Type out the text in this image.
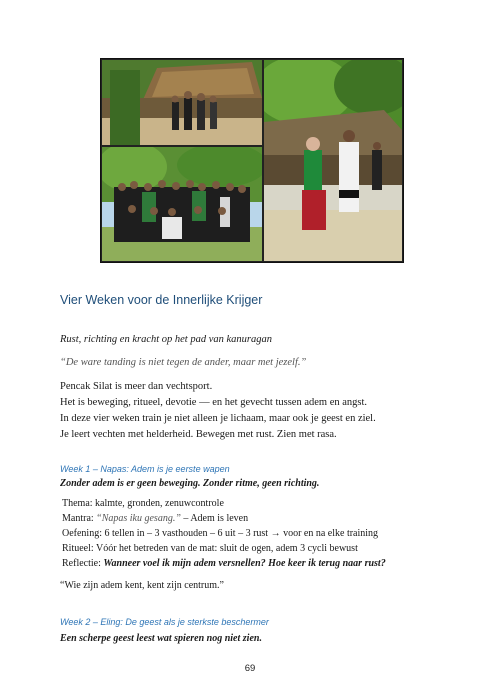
Vier Weken voor de Innerlijke Krijger
Rust, richting en kracht op het pad van kanuragan
“De ware tanding is niet tegen de ander, maar met jezelf.”
Pencak Silat is meer dan vechtsport.
Het is beweging, ritueel, devotie — en het gevecht tussen adem en angst.
In deze vier weken train je niet alleen je lichaam, maar ook je geest en ziel.
Je leert vechten met helderheid. Bewegen met rust. Zien met rasa.
Week 1 – Napas: Adem is je eerste wapen
Zonder adem is er geen beweging. Zonder ritme, geen richting.
Thema: kalmte, gronden, zenuwcontrole
Mantra: “Napas iku gesang.” – Adem is leven
Oefening: 6 tellen in – 3 vasthouden – 6 uit – 3 rust → voor en na elke training
Ritueel: Vóór het betreden van de mat: sluit de ogen, adem 3 cycli bewust
Reflectie: Wanneer voel ik mijn adem versnellen? Hoe keer ik terug naar rust?
“Wie zijn adem kent, kent zijn centrum.”
Week 2 – Eling: De geest als je sterkste beschermer
Een scherpe geest leest wat spieren nog niet zien.
69
